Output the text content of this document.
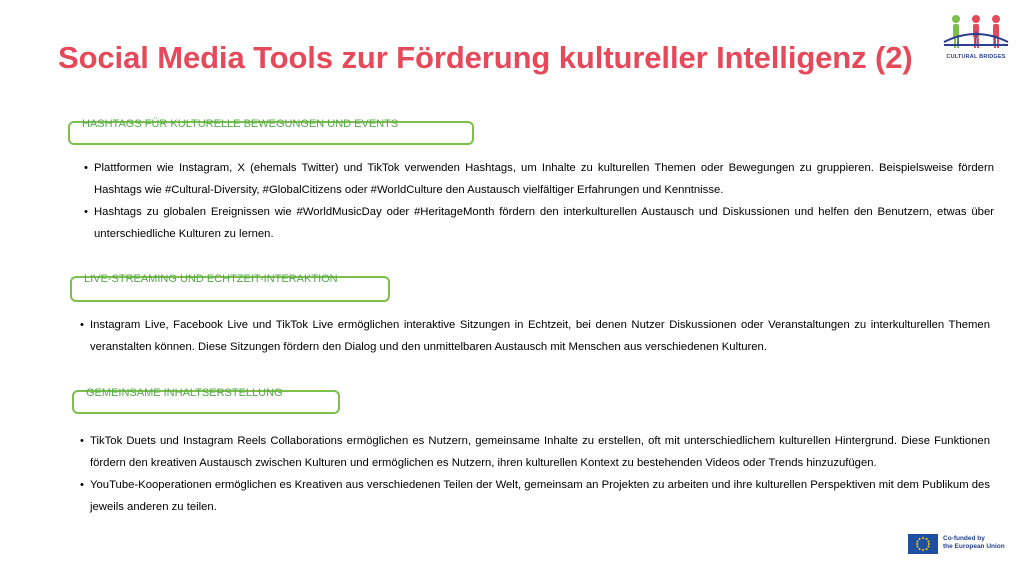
Social Media Tools zur Förderung kultureller Intelligenz (2)	CULTURAL BRIDGES
HASHTAGS FÜR KULTURELLE BEWEGUNGEN UND EVENTS
• Plattformen wie Instagram, X (ehemals Twitter) und TikTok verwenden Hashtags, um Inhalte zu kulturellen Themen oder Bewegungen zu gruppieren. Beispielsweise fördern Hashtags wie #Cultural-Diversity, #GlobalCitizens oder #WorldCulture den Austausch vielfältiger Erfahrungen und Kenntnisse.
• Hashtags zu globalen Ereignissen wie #WorldMusicDay oder #HeritageMonth fördern den interkulturellen Austausch und Diskussionen und helfen den Benutzern, etwas über unterschiedliche Kulturen zu lernen.
LIVE-STREAMING UND ECHTZEIT-INTERAKTION
• Instagram Live, Facebook Live und TikTok Live ermöglichen interaktive Sitzungen in Echtzeit, bei denen Nutzer Diskussionen oder Veranstaltungen zu interkulturellen Themen veranstalten können. Diese Sitzungen fördern den Dialog und den unmittelbaren Austausch mit Menschen aus verschiedenen Kulturen.
GEMEINSAME INHALTSERSTELLUNG
• TikTok Duets und Instagram Reels Collaborations ermöglichen es Nutzern, gemeinsame Inhalte zu erstellen, oft mit unterschiedlichem kulturellen Hintergrund. Diese Funktionen fördern den kreativen Austausch zwischen Kulturen und ermöglichen es Nutzern, ihren kulturellen Kontext zu bestehenden Videos oder Trends hinzuzufügen.
• YouTube-Kooperationen ermöglichen es Kreativen aus verschiedenen Teilen der Welt, gemeinsam an Projekten zu arbeiten und ihre kulturellen Perspektiven mit dem Publikum des jeweils anderen zu teilen.
Co-funded by
the European Union
